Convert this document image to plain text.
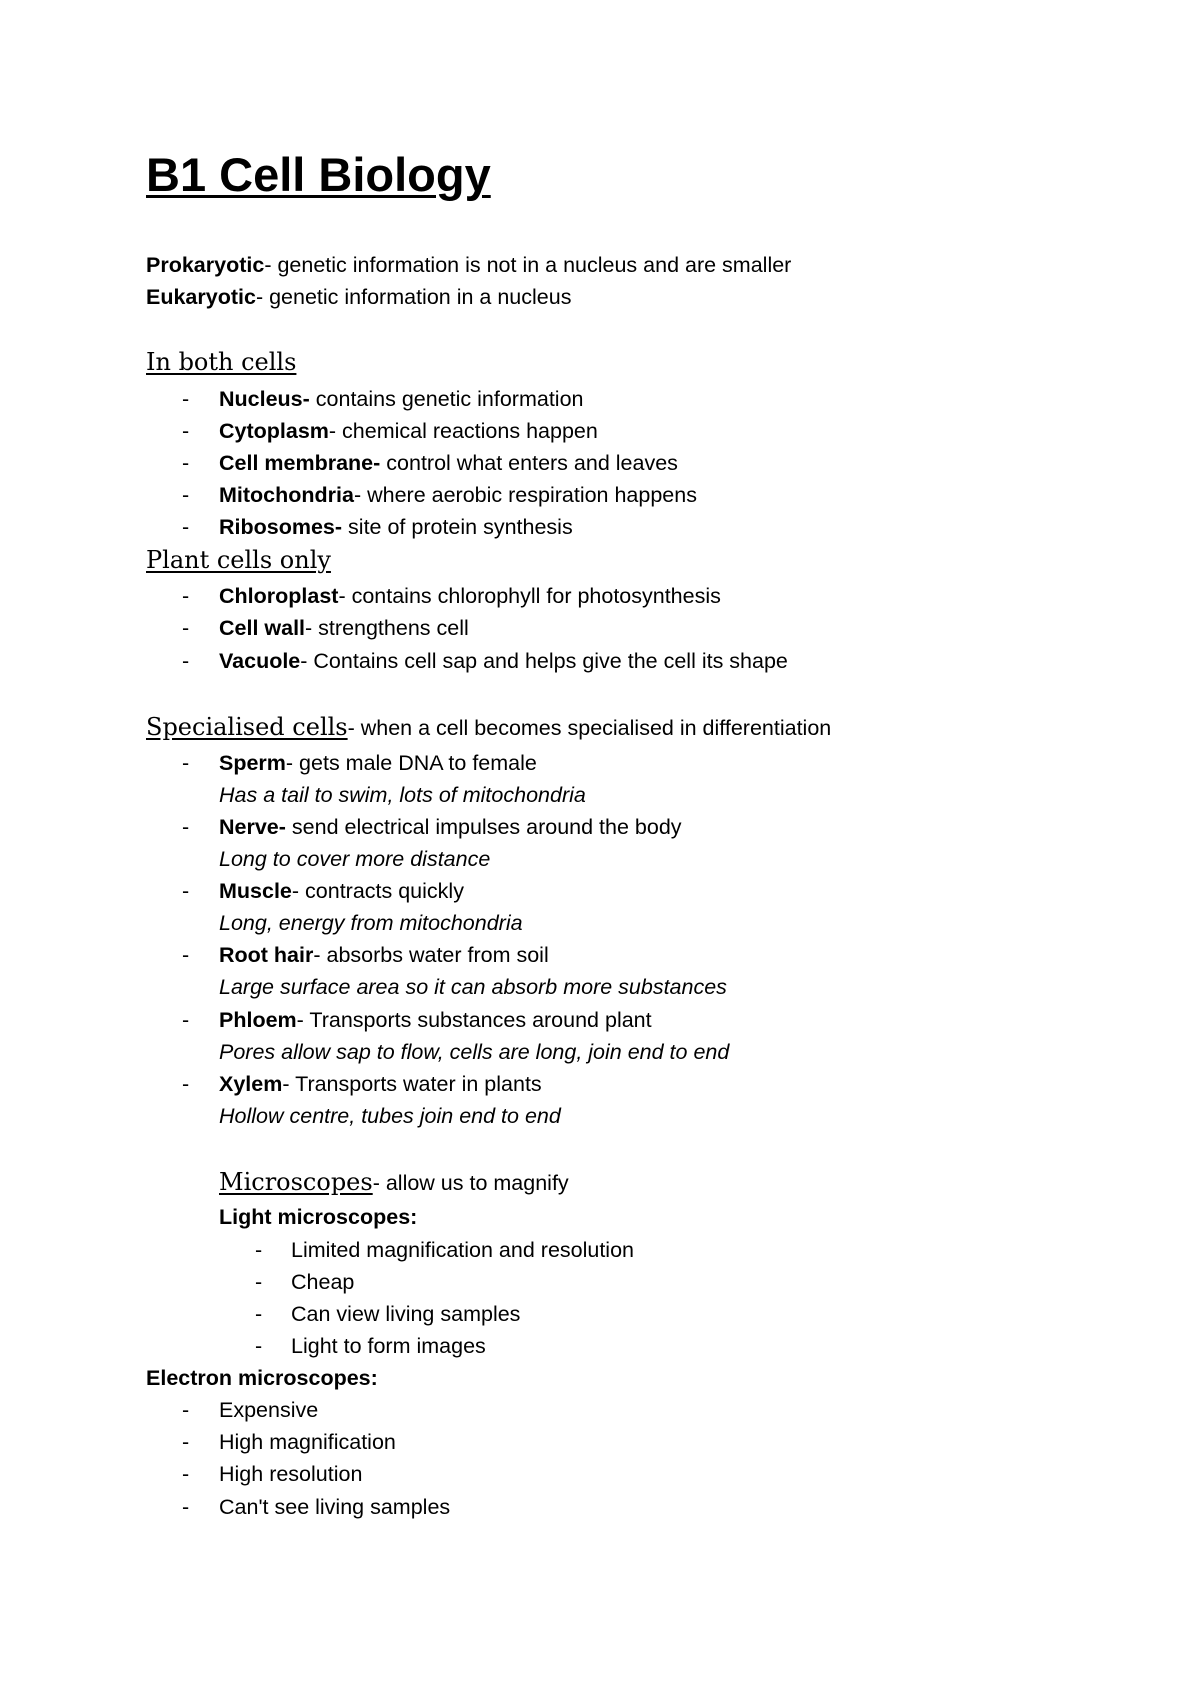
B1 Cell Biology
Prokaryotic- genetic information is not in a nucleus and are smaller
Eukaryotic- genetic information in a nucleus
In both cells
- Nucleus- contains genetic information
- Cytoplasm- chemical reactions happen
- Cell membrane- control what enters and leaves
- Mitochondria- where aerobic respiration happens
- Ribosomes- site of protein synthesis
Plant cells only
- Chloroplast- contains chlorophyll for photosynthesis
- Cell wall- strengthens cell
- Vacuole- Contains cell sap and helps give the cell its shape
Specialised cells- when a cell becomes specialised in differentiation
- Sperm- gets male DNA to female
Has a tail to swim, lots of mitochondria
- Nerve- send electrical impulses around the body
Long to cover more distance
- Muscle- contracts quickly
Long, energy from mitochondria
- Root hair- absorbs water from soil
Large surface area so it can absorb more substances
- Phloem- Transports substances around plant
Pores allow sap to flow, cells are long, join end to end
- Xylem- Transports water in plants
Hollow centre, tubes join end to end
Microscopes- allow us to magnify
Light microscopes:
- Limited magnification and resolution
- Cheap
- Can view living samples
- Light to form images
Electron microscopes:
- Expensive
- High magnification
- High resolution
- Can't see living samples
